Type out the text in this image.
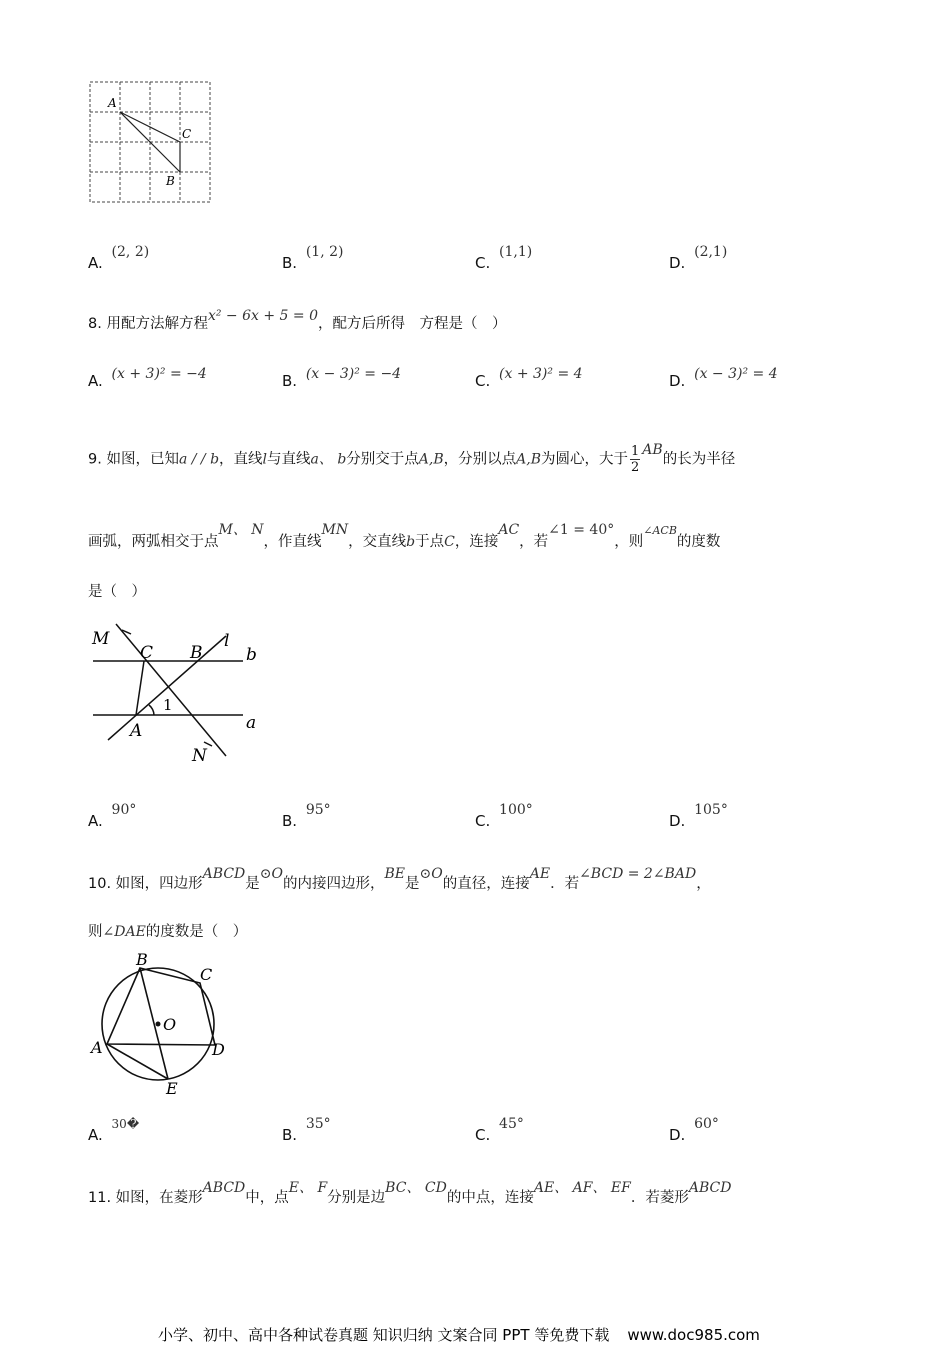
A
C
B
A. (2, 2)
B. (1, 2)
C. (1,1)
D. (2,1)
8. 用配方法解方程x² − 6x + 5 = 0，配方后所得　方程是（　）
A. (x + 3)² = −4	B. (x − 3)² = −4	C. (x + 3)² = 4	D. (x − 3)² = 4
9. 如图，已知a / / b，直线l与直线a、 b分别交于点A,B，分别以点A,B为圆心，大于 $\frac{1}{2}$ AB的长为半径
画弧，两弧相交于点M、 N，作直线MN，交直线b于点C，连接AC，若∠1 = 40°，则$^{\angle ACB}$的度数
是（　）
M
C B
l
b
1
A	a
N
A. 90°
B. 95°
C. 100°
D. 105°
10. 如图，四边形ABCD是⊙O的内接四边形，BE是⊙O的直径，连接AE．若∠BCD = 2∠BAD，
则∠DAE的度数是（　）
B
C
O
A	D
E
A. $^{30�}$
B. 35°
C. 45°
D. 60°
11. 如图，在菱形ABCD中，点E、 F分别是边BC、 CD的中点，连接AE、 AF、 EF．若菱形ABCD
小学、初中、高中各种试卷真题 知识归纳 文案合同 PPT 等免费下载 www.doc985.com
